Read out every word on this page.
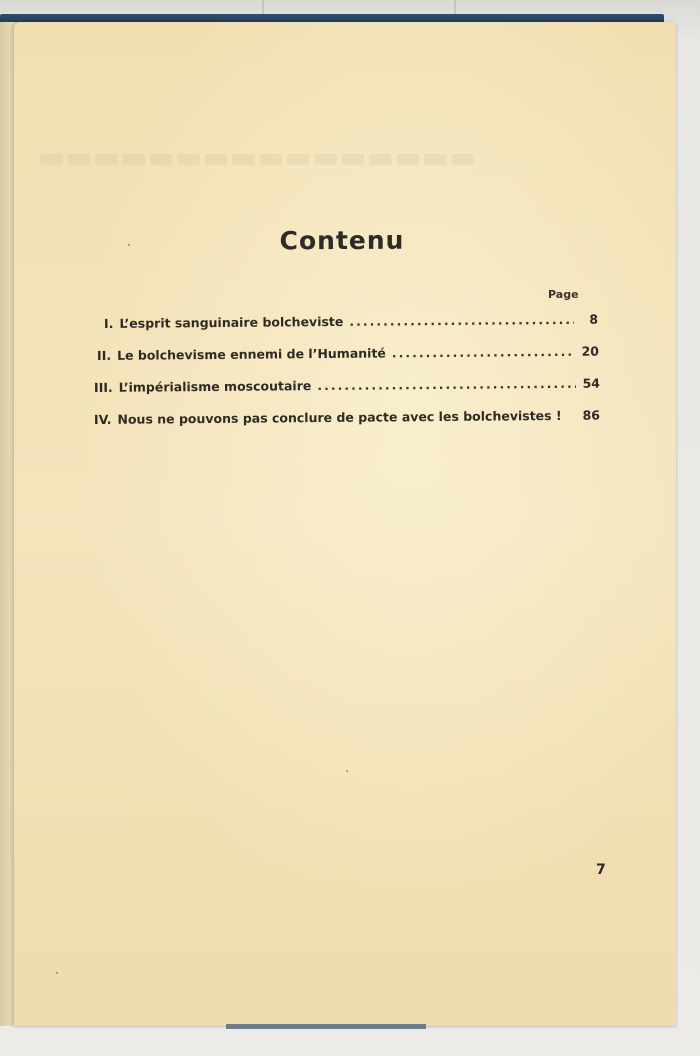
▬▬▬▬▬▬▬▬▬▬▬▬▬▬▬▬
Contenu
Page
I. L’esprit sanguinaire bolcheviste .....	8
II. Le bolchevisme ennemi de l’Humanité .....	20
III. L’impérialisme moscoutaire .....	54
IV. Nous ne pouvons pas conclure de pacte avec les bolchevistes ! 86
7
